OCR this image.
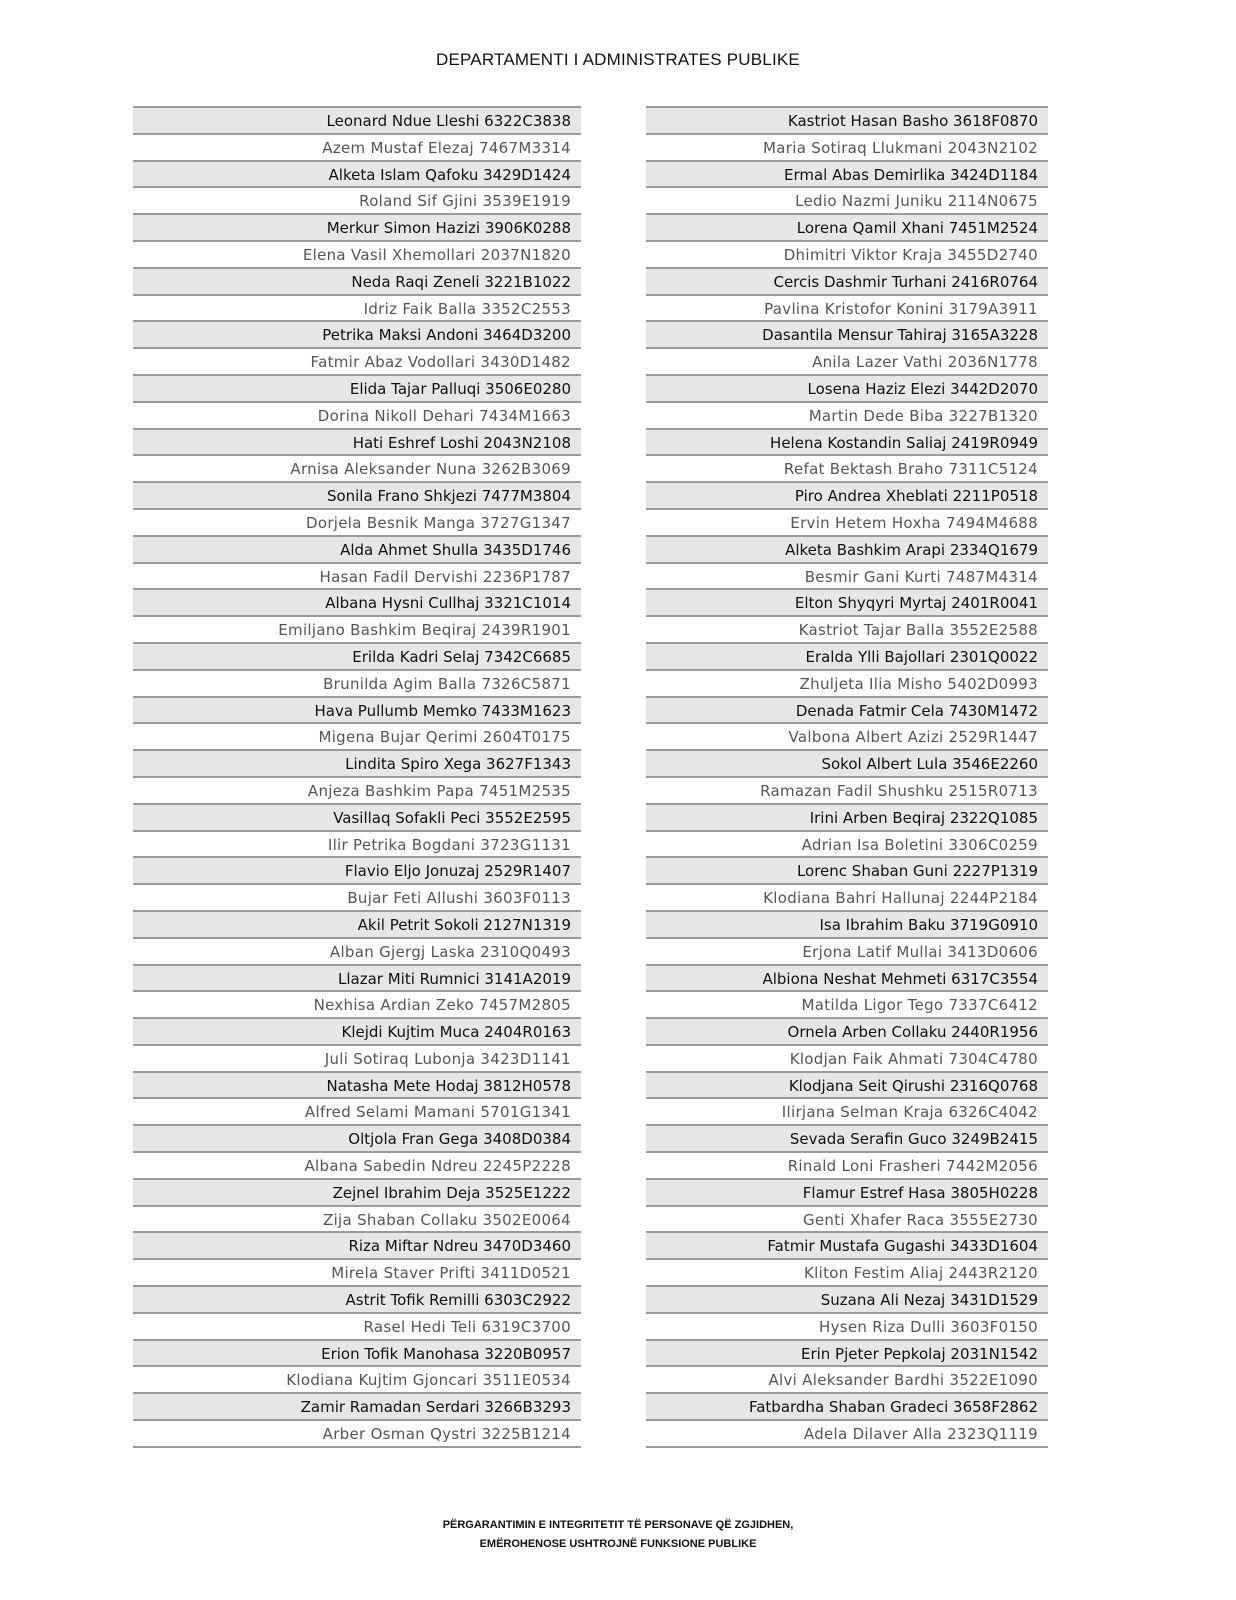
DEPARTAMENTI I ADMINISTRATES PUBLIKE
Leonard Ndue Lleshi 6322C3838
Azem Mustaf Elezaj 7467M3314
Alketa Islam Qafoku 3429D1424
Roland Sif Gjini 3539E1919
Merkur Simon Hazizi 3906K0288
Elena Vasil Xhemollari 2037N1820
Neda Raqi Zeneli 3221B1022
Idriz Faik Balla 3352C2553
Petrika Maksi Andoni 3464D3200
Fatmir Abaz Vodollari 3430D1482
Elida Tajar Palluqi 3506E0280
Dorina Nikoll Dehari 7434M1663
Hati Eshref Loshi 2043N2108
Arnisa Aleksander Nuna 3262B3069
Sonila Frano Shkjezi 7477M3804
Dorjela Besnik Manga 3727G1347
Alda Ahmet Shulla 3435D1746
Hasan Fadil Dervishi 2236P1787
Albana Hysni Cullhaj 3321C1014
Emiljano Bashkim Beqiraj 2439R1901
Erilda Kadri Selaj 7342C6685
Brunilda Agim Balla 7326C5871
Hava Pullumb Memko 7433M1623
Migena Bujar Qerimi 2604T0175
Lindita Spiro Xega 3627F1343
Anjeza Bashkim Papa 7451M2535
Vasillaq Sofakli Peci 3552E2595
Ilir Petrika Bogdani 3723G1131
Flavio Eljo Jonuzaj 2529R1407
Bujar Feti Allushi 3603F0113
Akil Petrit Sokoli 2127N1319
Alban Gjergj Laska 2310Q0493
Llazar Miti Rumnici 3141A2019
Nexhisa Ardian Zeko 7457M2805
Klejdi Kujtim Muca 2404R0163
Juli Sotiraq Lubonja 3423D1141
Natasha Mete Hodaj 3812H0578
Alfred Selami Mamani 5701G1341
Oltjola Fran Gega 3408D0384
Albana Sabedin Ndreu 2245P2228
Zejnel Ibrahim Deja 3525E1222
Zija Shaban Collaku 3502E0064
Riza Miftar Ndreu 3470D3460
Mirela Staver Prifti 3411D0521
Astrit Tofik Remilli 6303C2922
Rasel Hedi Teli 6319C3700
Erion Tofik Manohasa 3220B0957
Klodiana Kujtim Gjoncari 3511E0534
Zamir Ramadan Serdari 3266B3293
Arber Osman Qystri 3225B1214
Kastriot Hasan Basho 3618F0870
Maria Sotiraq Llukmani 2043N2102
Ermal Abas Demirlika 3424D1184
Ledio Nazmi Juniku 2114N0675
Lorena Qamil Xhani 7451M2524
Dhimitri Viktor Kraja 3455D2740
Cercis Dashmir Turhani 2416R0764
Pavlina Kristofor Konini 3179A3911
Dasantila Mensur Tahiraj 3165A3228
Anila Lazer Vathi 2036N1778
Losena Haziz Elezi 3442D2070
Martin Dede Biba 3227B1320
Helena Kostandin Saliaj 2419R0949
Refat Bektash Braho 7311C5124
Piro Andrea Xheblati 2211P0518
Ervin Hetem Hoxha 7494M4688
Alketa Bashkim Arapi 2334Q1679
Besmir Gani Kurti 7487M4314
Elton Shyqyri Myrtaj 2401R0041
Kastriot Tajar Balla 3552E2588
Eralda Ylli Bajollari 2301Q0022
Zhuljeta Ilia Misho 5402D0993
Denada Fatmir Cela 7430M1472
Valbona Albert Azizi 2529R1447
Sokol Albert Lula 3546E2260
Ramazan Fadil Shushku 2515R0713
Irini Arben Beqiraj 2322Q1085
Adrian Isa Boletini 3306C0259
Lorenc Shaban Guni 2227P1319
Klodiana Bahri Hallunaj 2244P2184
Isa Ibrahim Baku 3719G0910
Erjona Latif Mullai 3413D0606
Albiona Neshat Mehmeti 6317C3554
Matilda Ligor Tego 7337C6412
Ornela Arben Collaku 2440R1956
Klodjan Faik Ahmati 7304C4780
Klodjana Seit Qirushi 2316Q0768
Ilirjana Selman Kraja 6326C4042
Sevada Serafin Guco 3249B2415
Rinald Loni Frasheri 7442M2056
Flamur Estref Hasa 3805H0228
Genti Xhafer Raca 3555E2730
Fatmir Mustafa Gugashi 3433D1604
Kliton Festim Aliaj 2443R2120
Suzana Ali Nezaj 3431D1529
Hysen Riza Dulli 3603F0150
Erin Pjeter Pepkolaj 2031N1542
Alvi Aleksander Bardhi 3522E1090
Fatbardha Shaban Gradeci 3658F2862
Adela Dilaver Alla 2323Q1119
PËRGARANTIMIN E INTEGRITETIT TË PERSONAVE QË ZGJIDHEN,
EMËROHENOSE USHTROJNË FUNKSIONE PUBLIKE
